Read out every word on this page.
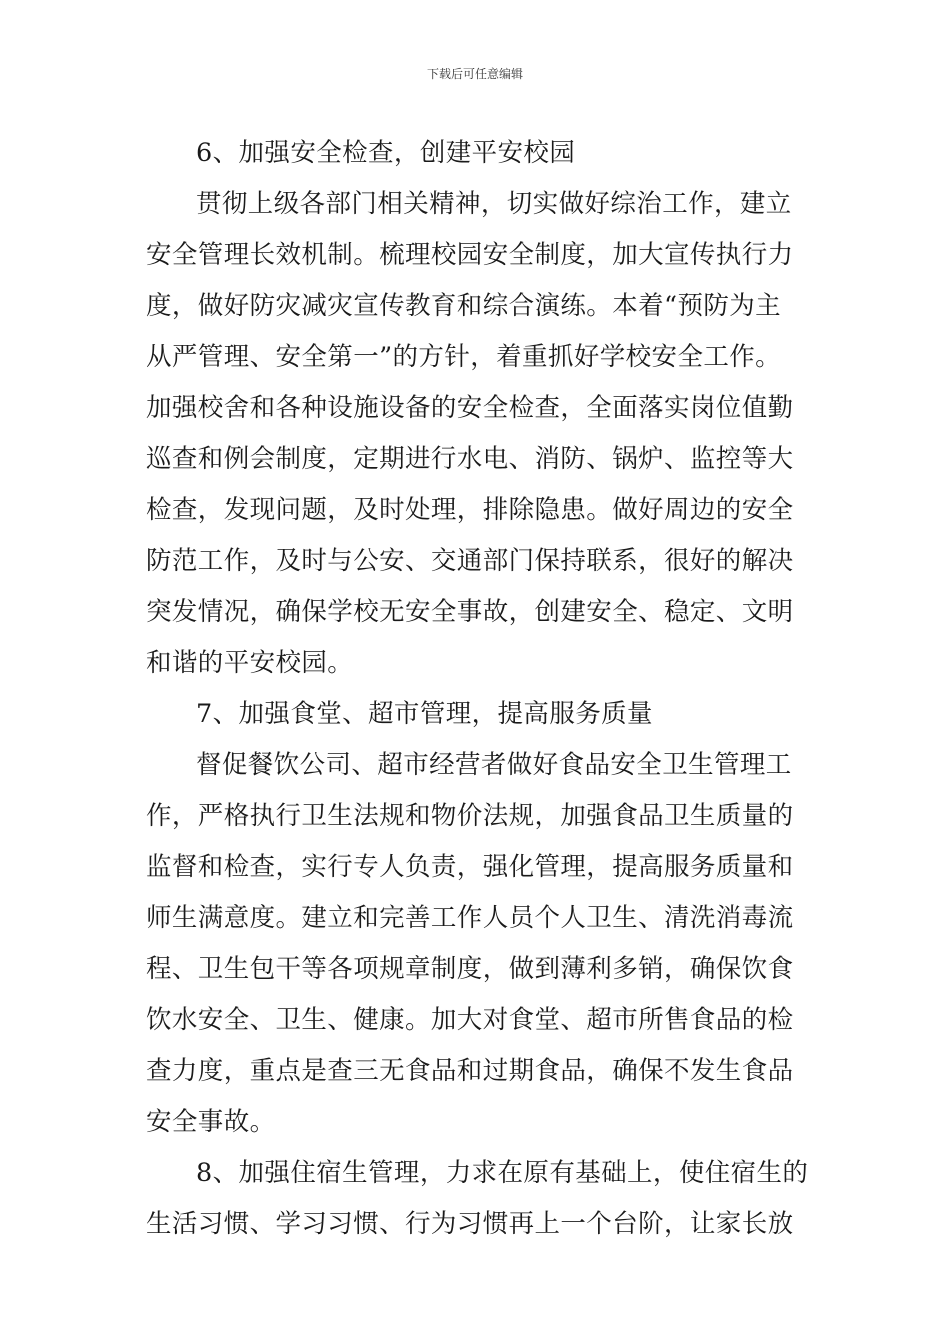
下载后可任意编辑
6、加强安全检查，创建平安校园
贯彻上级各部门相关精神，切实做好综治工作，建立
安全管理长效机制。梳理校园安全制度，加大宣传执行力
度，做好防灾减灾宣传教育和综合演练。本着“预防为主
从严管理、安全第一”的方针，着重抓好学校安全工作。
加强校舍和各种设施设备的安全检查，全面落实岗位值勤
巡查和例会制度，定期进行水电、消防、锅炉、监控等大
检查，发现问题，及时处理，排除隐患。做好周边的安全
防范工作，及时与公安、交通部门保持联系，很好的解决
突发情况，确保学校无安全事故，创建安全、稳定、文明
和谐的平安校园。
7、加强食堂、超市管理，提高服务质量
督促餐饮公司、超市经营者做好食品安全卫生管理工
作，严格执行卫生法规和物价法规，加强食品卫生质量的
监督和检查，实行专人负责，强化管理，提高服务质量和
师生满意度。建立和完善工作人员个人卫生、清洗消毒流
程、卫生包干等各项规章制度，做到薄利多销，确保饮食
饮水安全、卫生、健康。加大对食堂、超市所售食品的检
查力度，重点是查三无食品和过期食品，确保不发生食品
安全事故。
8、加强住宿生管理，力求在原有基础上，使住宿生的
生活习惯、学习习惯、行为习惯再上一个台阶，让家长放
